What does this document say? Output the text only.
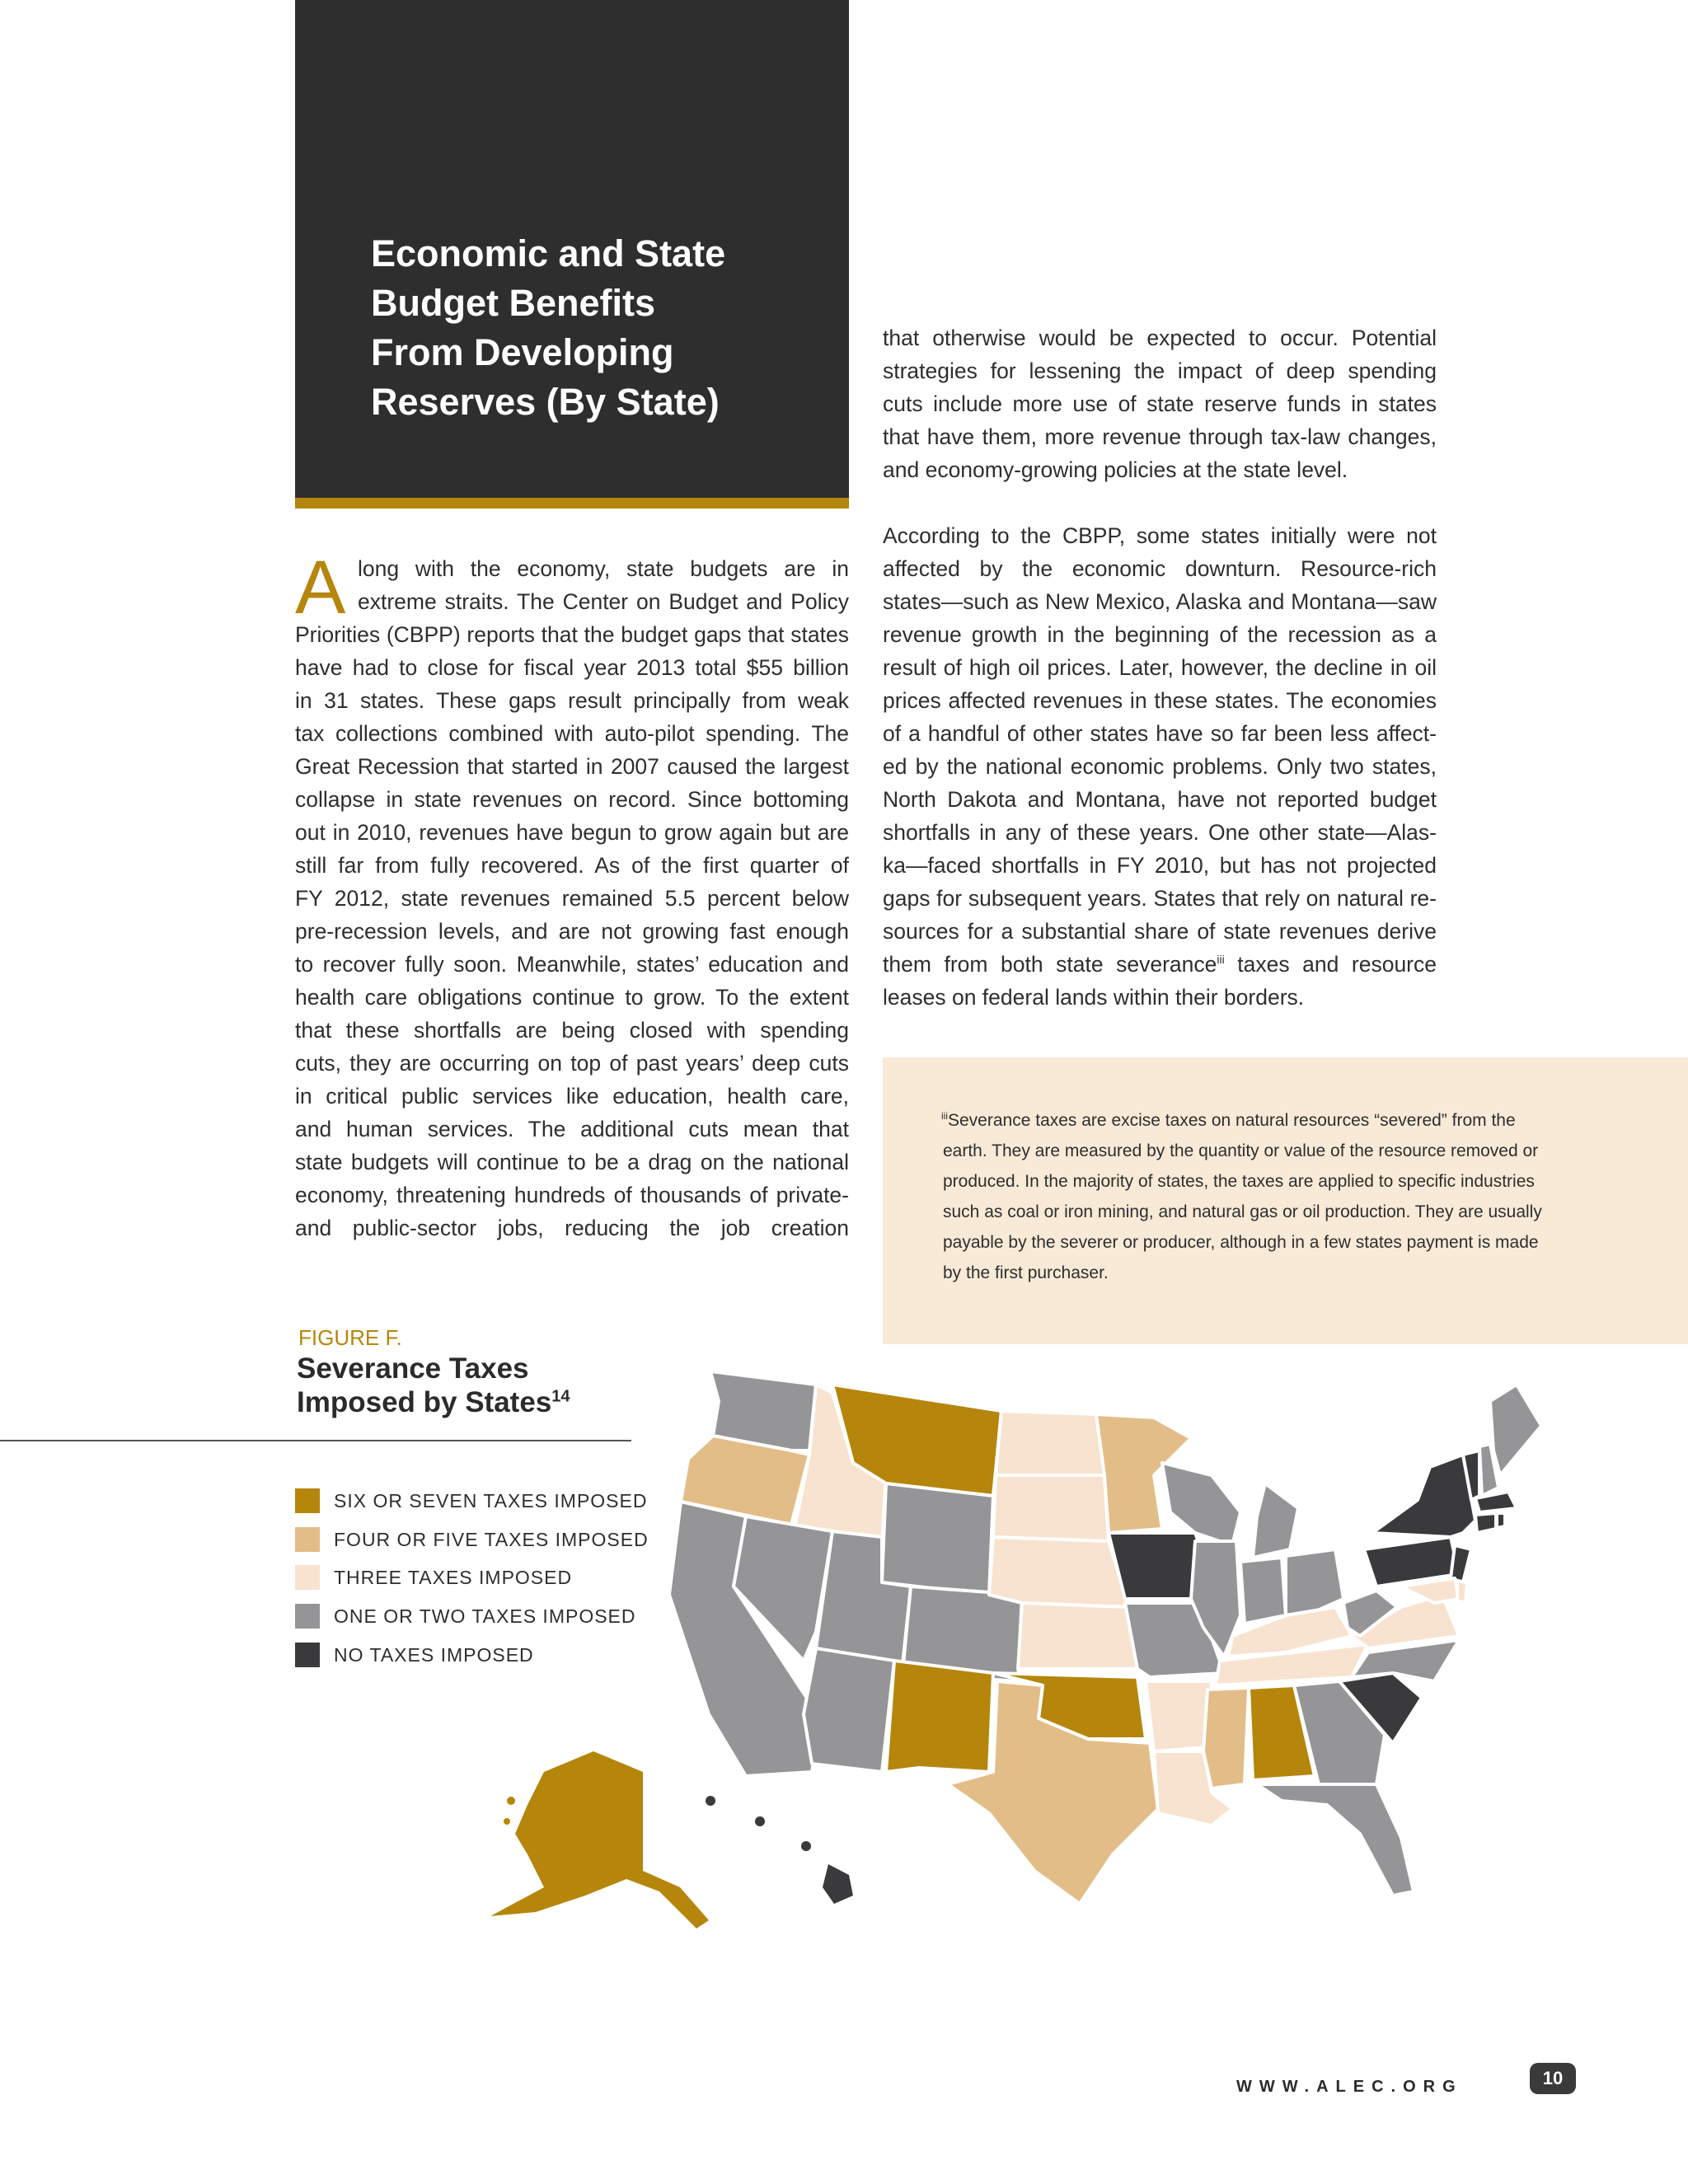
Economic and State
Budget Benefits
From Developing
Reserves (By State)
A long with the economy, state budgets are in
extreme straits. The Center on Budget and Policy
Priorities (CBPP) reports that the budget gaps that states
have had to close for fiscal year 2013 total $55 billion
in 31 states. These gaps result principally from weak
tax collections combined with auto-pilot spending. The
Great Recession that started in 2007 caused the largest
collapse in state revenues on record. Since bottoming
out in 2010, revenues have begun to grow again but are
still far from fully recovered. As of the first quarter of
FY 2012, state revenues remained 5.5 percent below
pre-recession levels, and are not growing fast enough
to recover fully soon. Meanwhile, states’ education and
health care obligations continue to grow. To the extent
that these shortfalls are being closed with spending
cuts, they are occurring on top of past years’ deep cuts
in critical public services like education, health care,
and human services. The additional cuts mean that
state budgets will continue to be a drag on the national
economy, threatening hundreds of thousands of private-
and public-sector jobs, reducing the job creation
that otherwise would be expected to occur. Potential
strategies for lessening the impact of deep spending
cuts include more use of state reserve funds in states
that have them, more revenue through tax-law changes,
and economy-growing policies at the state level.
According to the CBPP, some states initially were not
affected by the economic downturn. Resource-rich
states—such as New Mexico, Alaska and Montana—saw
revenue growth in the beginning of the recession as a
result of high oil prices. Later, however, the decline in oil
prices affected revenues in these states. The economies
of a handful of other states have so far been less affect-
ed by the national economic problems. Only two states,
North Dakota and Montana, have not reported budget
shortfalls in any of these years. One other state—Alas-
ka—faced shortfalls in FY 2010, but has not projected
gaps for subsequent years. States that rely on natural re-
sources for a substantial share of state revenues derive
them from both state severance$^{iii}$ taxes and resource
leases on federal lands within their borders.
$^{iii}$Severance taxes are excise taxes on natural resources “severed” from the
earth. They are measured by the quantity or value of the resource removed or
produced. In the majority of states, the taxes are applied to specific industries
such as coal or iron mining, and natural gas or oil production. They are usually
payable by the severer or producer, although in a few states payment is made
by the first purchaser.
FIGURE F.
Severance Taxes
Imposed by States$^{14}$
SIX OR SEVEN TAXES IMPOSED
FOUR OR FIVE TAXES IMPOSED
THREE TAXES IMPOSED
ONE OR TWO TAXES IMPOSED
NO TAXES IMPOSED
WWW.ALEC.ORG	10
